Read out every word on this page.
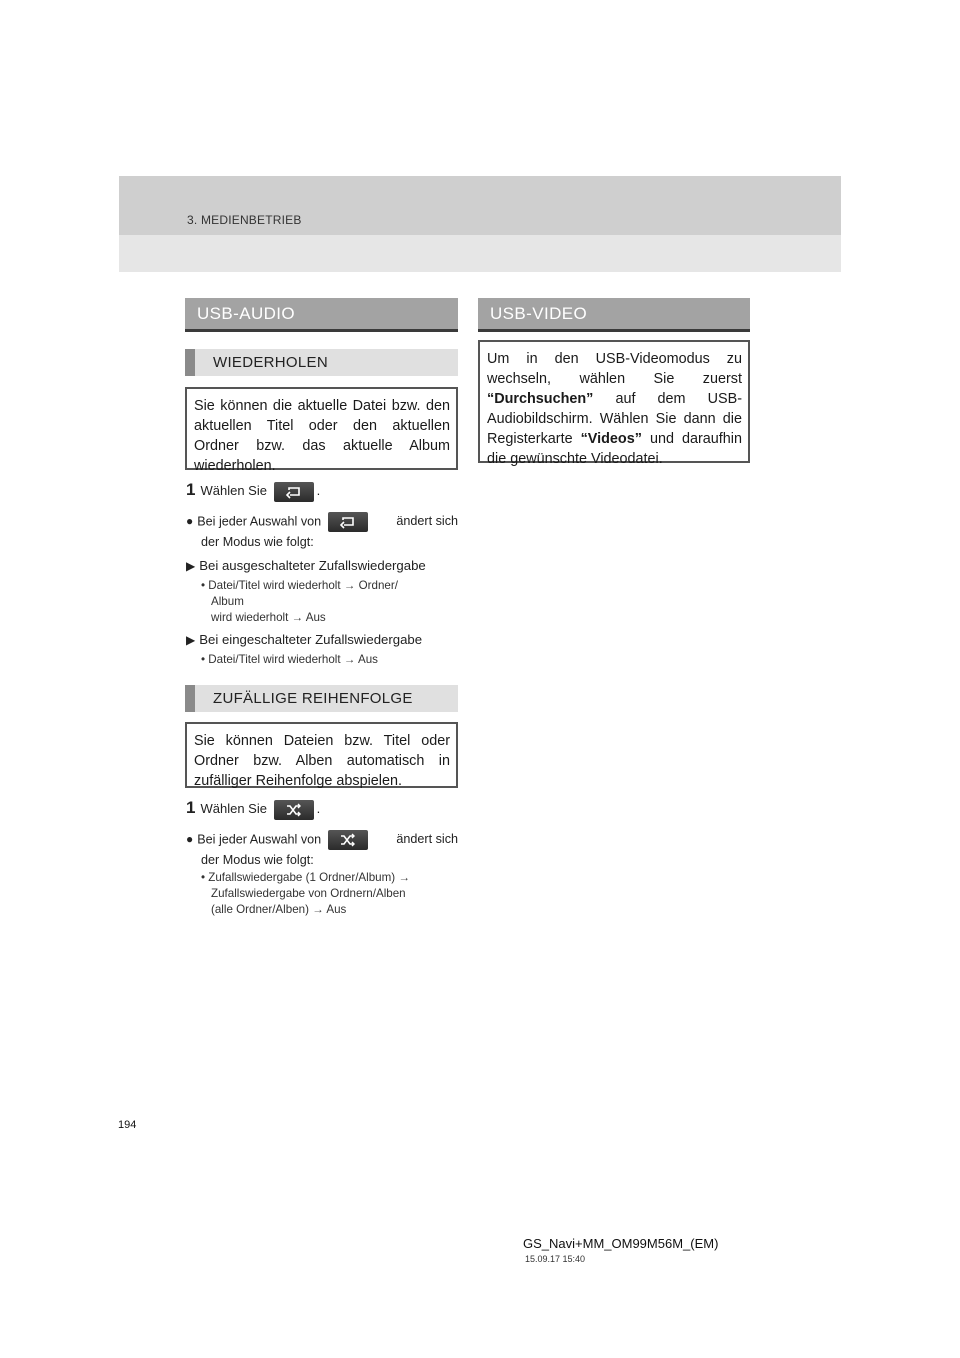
3. MEDIENBETRIEB
USB-AUDIO
WIEDERHOLEN
Sie können die aktuelle Datei bzw. den aktuellen Titel oder den aktuellen Ordner bzw. das aktuelle Album wiederholen.
1 Wählen Sie	.
● Bei jeder Auswahl von	ändert sich
der Modus wie folgt:
▶ Bei ausgeschalteter Zufallswiedergabe
• Datei/Titel wird wiederholt → Ordner/
Album
wird wiederholt → Aus
▶ Bei eingeschalteter Zufallswiedergabe
• Datei/Titel wird wiederholt → Aus
ZUFÄLLIGE REIHENFOLGE
Sie können Dateien bzw. Titel oder Ordner bzw. Alben automatisch in zufälliger Reihenfolge abspielen.
1 Wählen Sie	.
● Bei jeder Auswahl von	ändert sich
der Modus wie folgt:
• Zufallswiedergabe (1 Ordner/Album) →
Zufallswiedergabe von Ordnern/Alben
(alle Ordner/Alben) → Aus
USB-VIDEO
Um in den USB-Videomodus zu wechseln, wählen Sie zuerst “Durchsuchen” auf dem USB-Audiobildschirm. Wählen Sie dann die Registerkarte “Videos” und daraufhin die gewünschte Videodatei.
194
GS_Navi+MM_OM99M56M_(EM)
15.09.17 15:40
